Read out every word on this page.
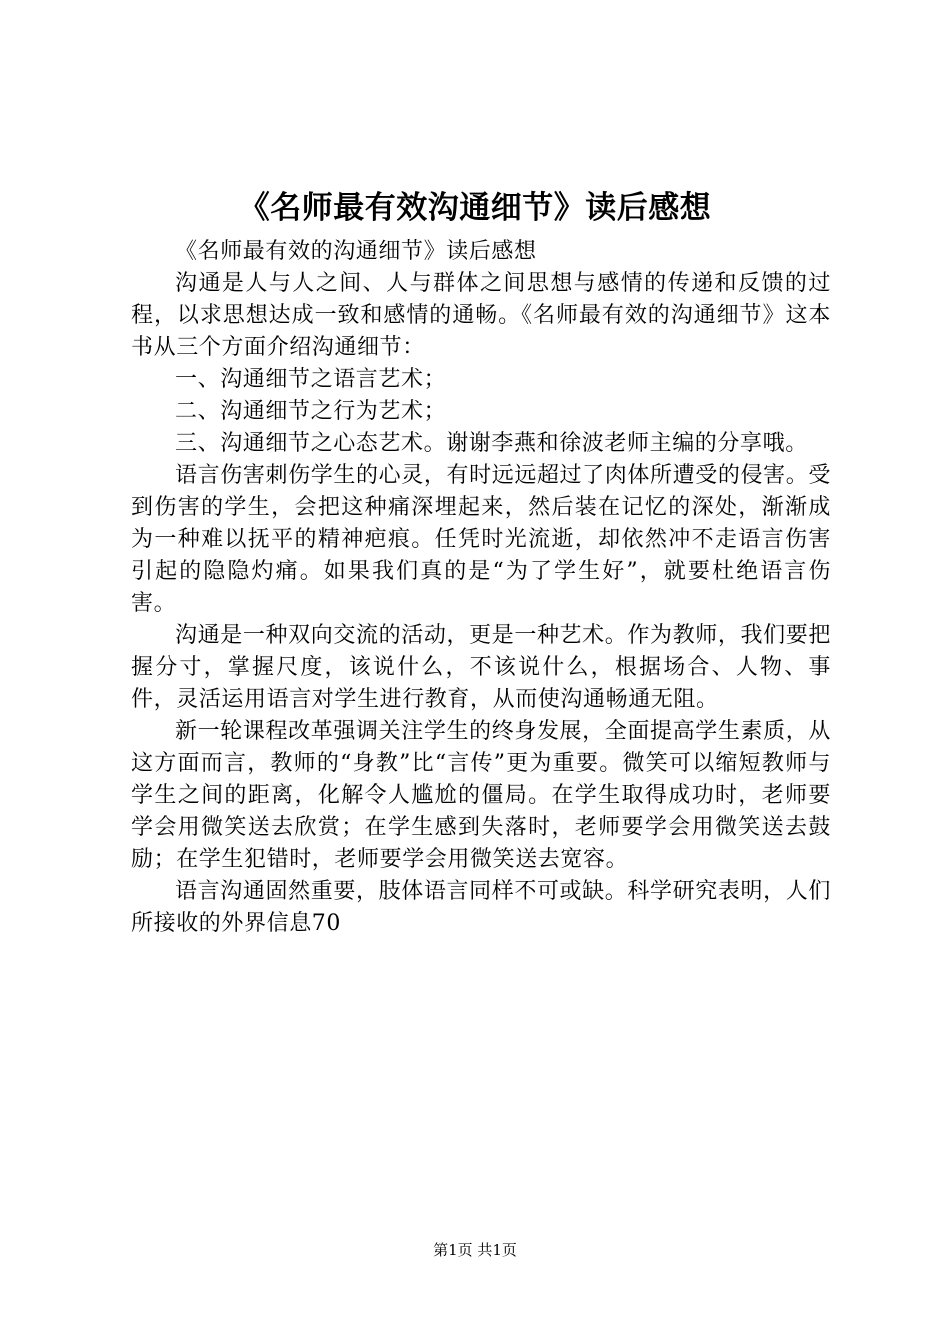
《名师最有效沟通细节》读后感想

《名师最有效的沟通细节》读后感想

沟通是人与人之间、人与群体之间思想与感情的传递和反馈的过程，以求思想达成一致和感情的通畅。《名师最有效的沟通细节》这本书从三个方面介绍沟通细节：

一、沟通细节之语言艺术；

二、沟通细节之行为艺术；

三、沟通细节之心态艺术。谢谢李燕和徐波老师主编的分享哦。

语言伤害刺伤学生的心灵，有时远远超过了肉体所遭受的侵害。受到伤害的学生，会把这种痛深埋起来，然后装在记忆的深处，渐渐成为一种难以抚平的精神疤痕。任凭时光流逝，却依然冲不走语言伤害引起的隐隐灼痛。如果我们真的是“为了学生好”，就要杜绝语言伤害。

沟通是一种双向交流的活动，更是一种艺术。作为教师，我们要把握分寸，掌握尺度，该说什么，不该说什么，根据场合、人物、事件，灵活运用语言对学生进行教育，从而使沟通畅通无阻。

新一轮课程改革强调关注学生的终身发展，全面提高学生素质，从这方面而言，教师的“身教”比“言传”更为重要。微笑可以缩短教师与学生之间的距离，化解令人尴尬的僵局。在学生取得成功时，老师要学会用微笑送去欣赏；在学生感到失落时，老师要学会用微笑送去鼓励；在学生犯错时，老师要学会用微笑送去宽容。

语言沟通固然重要，肢体语言同样不可或缺。科学研究表明，人们所接收的外界信息70

第1页 共1页
